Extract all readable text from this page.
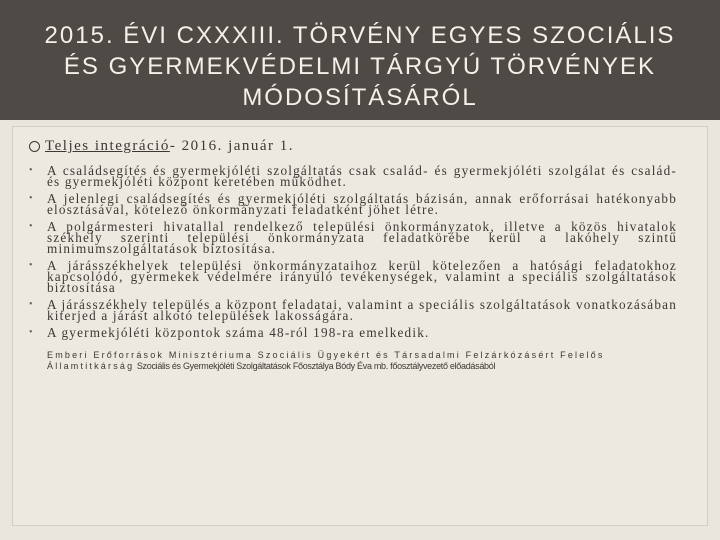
2015. ÉVI CXXXIII. TÖRVÉNY EGYES SZOCIÁLIS
ÉS GYERMEKVÉDELMI TÁRGYÚ TÖRVÉNYEK
MÓDOSÍTÁSÁRÓL
Teljes integráció - 2016. január 1.
• A családsegítés és gyermekjóléti szolgáltatás csak család- és gyermekjóléti szolgálat és család- és gyermekjóléti központ keretében működhet.
• A jelenlegi családsegítés és gyermekjóléti szolgáltatás bázisán, annak erőforrásai hatékonyabb elosztásával, kötelező önkormányzati feladatként jöhet létre.
• A polgármesteri hivatallal rendelkező települési önkormányzatok, illetve a közös hivatalok székhely szerinti települési önkormányzata feladatkörébe kerül a lakóhely szintű minimumszolgáltatások biztosítása.
• A járásszékhelyek települési önkormányzataihoz kerül kötelezően a hatósági feladatokhoz kapcsolódó, gyermekek védelmére irányuló tevékenységek, valamint a speciális szolgáltatások biztosítása
• A járásszékhely település a központ feladatai, valamint a speciális szolgáltatások vonatkozásában kiterjed a járást alkotó települések lakosságára.
• A gyermekjóléti központok száma 48-ról 198-ra emelkedik.
Emberi Erőforrások Minisztériuma Szociális Ügyekért és Társadalmi Felzárkózásért Felelős
Államtitkárság Szociális és Gyermekjóléti Szolgáltatások Főosztálya Bódy Éva mb. főosztályvezető előadásából
